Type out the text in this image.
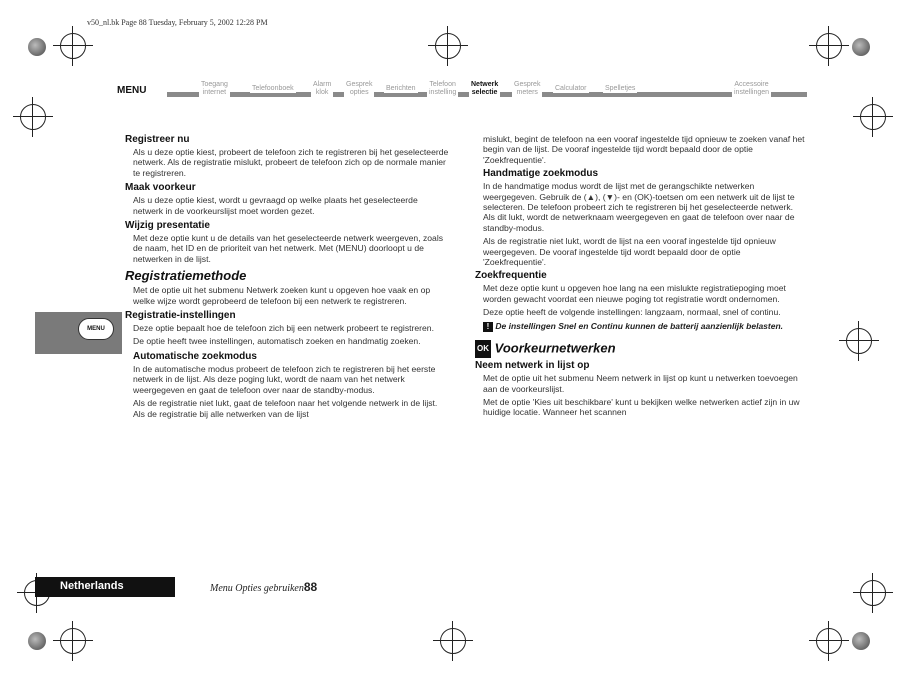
v50_nl.bk Page 88 Tuesday, February 5, 2002 12:28 PM
MENU
Toegang
internet
Telefoonboek
Alarm
klok
Gesprek
opties
Berichten
Telefoon
instelling
Netwerk
selectie
Gesprek
meters
Calculator	Spelletjes
Accessoire
instellingen
MENU
Registreer nu
Als u deze optie kiest, probeert de telefoon zich te registreren bij het geselecteerde netwerk. Als de registratie mislukt, probeert de telefoon zich op de normale manier te registreren.
Maak voorkeur
Als u deze optie kiest, wordt u gevraagd op welke plaats het geselecteerde netwerk in de voorkeurslijst moet worden gezet.
Wijzig presentatie
Met deze optie kunt u de details van het geselecteerde netwerk weergeven, zoals de naam, het ID en de prioriteit van het netwerk. Met (MENU) doorloopt u de netwerken in de lijst.
Registratiemethode
Met de optie uit het submenu Netwerk zoeken kunt u opgeven hoe vaak en op welke wijze wordt geprobeerd de telefoon bij een netwerk te registreren.
Registratie-instellingen
Deze optie bepaalt hoe de telefoon zich bij een netwerk probeert te registreren.
De optie heeft twee instellingen, automatisch zoeken en handmatig zoeken.
Automatische zoekmodus
In de automatische modus probeert de telefoon zich te registreren bij het eerste netwerk in de lijst. Als deze poging lukt, wordt de naam van het netwerk weergegeven en gaat de telefoon over naar de standby-modus.
Als de registratie niet lukt, gaat de telefoon naar het volgende netwerk in de lijst. Als de registratie bij alle netwerken van de lijst
mislukt, begint de telefoon na een vooraf ingestelde tijd opnieuw te zoeken vanaf het begin van de lijst. De vooraf ingestelde tijd wordt bepaald door de optie 'Zoekfrequentie'.
Handmatige zoekmodus
In de handmatige modus wordt de lijst met de gerangschikte netwerken weergegeven. Gebruik de (▲), (▼)- en (OK)-toetsen om een netwerk uit de lijst te selecteren. De telefoon probeert zich te registreren bij het geselecteerde netwerk. Als dit lukt, wordt de netwerknaam weergegeven en gaat de telefoon over naar de standby-modus.
Als de registratie niet lukt, wordt de lijst na een vooraf ingestelde tijd opnieuw weergegeven. De vooraf ingestelde tijd wordt bepaald door de optie 'Zoekfrequentie'.
Zoekfrequentie
Met deze optie kunt u opgeven hoe lang na een mislukte registratiepoging moet worden gewacht voordat een nieuwe poging tot registratie wordt ondernomen.
Deze optie heeft de volgende instellingen: langzaam, normaal, snel of continu.
! De instellingen Snel en Continu kunnen de batterij aanzienlijk belasten.
OK Voorkeurnetwerken
Neem netwerk in lijst op
Met de optie uit het submenu Neem netwerk in lijst op kunt u netwerken toevoegen aan de voorkeurslijst.
Met de optie 'Kies uit beschikbare' kunt u bekijken welke netwerken actief zijn in uw huidige locatie. Wanneer het scannen
Netherlands	Menu Opties gebruiken88
